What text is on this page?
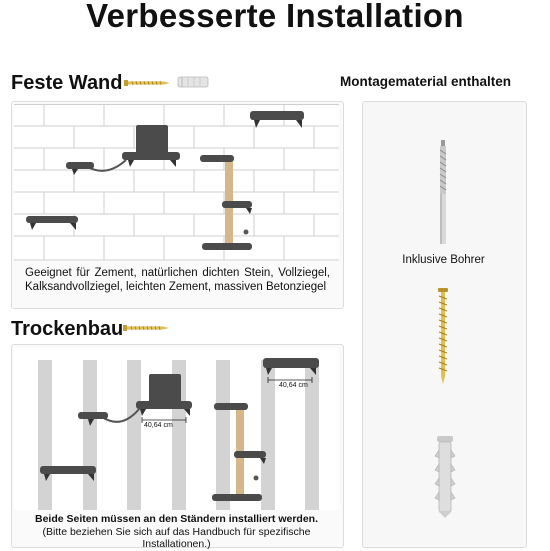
Verbesserte Installation
Feste Wand
Geeignet für Zement, natürlichen dichten Stein, Vollziegel, Kalksandvollziegel, leichten Zement, massiven Betonziegel
Trockenbau
40,64 cm
40,64 cm
Beide Seiten müssen an den Ständern installiert werden.
(Bitte beziehen Sie sich auf das Handbuch für spezifische Installationen.)
Montagematerial enthalten
Inklusive Bohrer
